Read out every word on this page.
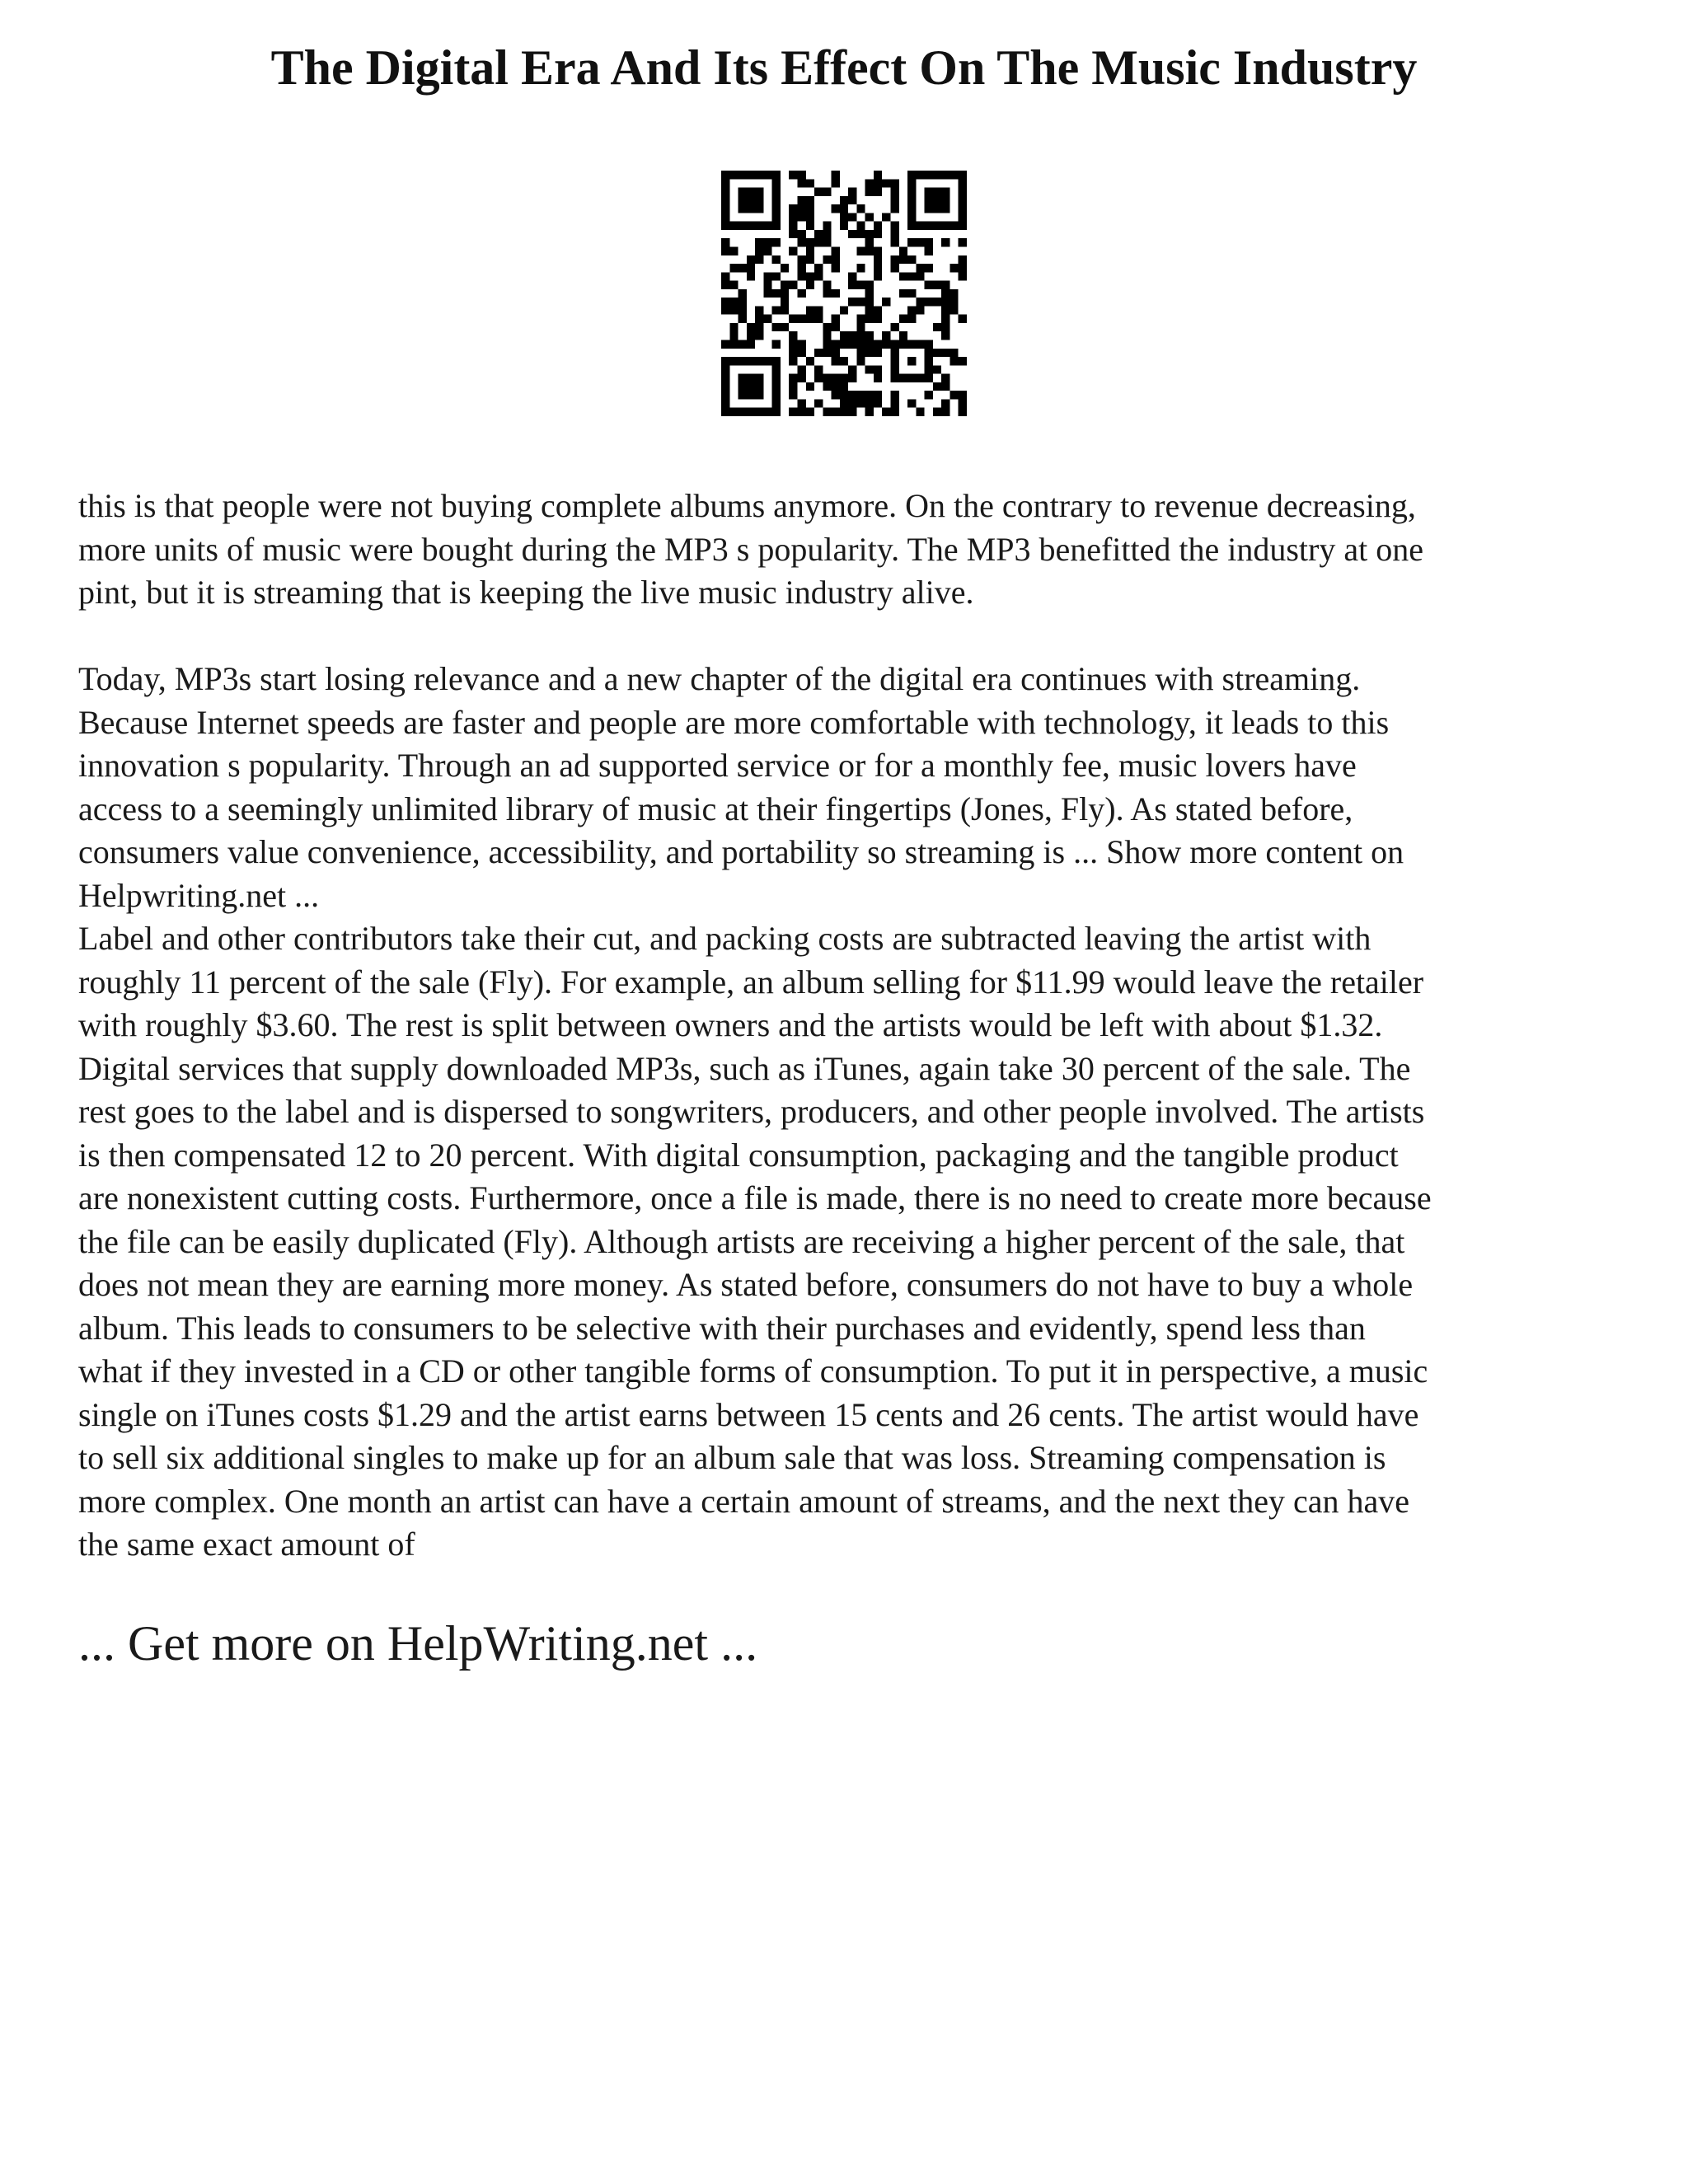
The Digital Era And Its Effect On The Music Industry

this is that people were not buying complete albums anymore. On the contrary to revenue decreasing,
more units of music were bought during the MP3 s popularity. The MP3 benefitted the industry at one
pint, but it is streaming that is keeping the live music industry alive.

Today, MP3s start losing relevance and a new chapter of the digital era continues with streaming.
Because Internet speeds are faster and people are more comfortable with technology, it leads to this
innovation s popularity. Through an ad supported service or for a monthly fee, music lovers have
access to a seemingly unlimited library of music at their fingertips (Jones, Fly). As stated before,
consumers value convenience, accessibility, and portability so streaming is ... Show more content on
Helpwriting.net ...

Label and other contributors take their cut, and packing costs are subtracted leaving the artist with
roughly 11 percent of the sale (Fly). For example, an album selling for $11.99 would leave the retailer
with roughly $3.60. The rest is split between owners and the artists would be left with about $1.32.
Digital services that supply downloaded MP3s, such as iTunes, again take 30 percent of the sale. The
rest goes to the label and is dispersed to songwriters, producers, and other people involved. The artists
is then compensated 12 to 20 percent. With digital consumption, packaging and the tangible product
are nonexistent cutting costs. Furthermore, once a file is made, there is no need to create more because
the file can be easily duplicated (Fly). Although artists are receiving a higher percent of the sale, that
does not mean they are earning more money. As stated before, consumers do not have to buy a whole
album. This leads to consumers to be selective with their purchases and evidently, spend less than
what if they invested in a CD or other tangible forms of consumption. To put it in perspective, a music
single on iTunes costs $1.29 and the artist earns between 15 cents and 26 cents. The artist would have
to sell six additional singles to make up for an album sale that was loss. Streaming compensation is
more complex. One month an artist can have a certain amount of streams, and the next they can have
the same exact amount of

... Get more on HelpWriting.net ...
